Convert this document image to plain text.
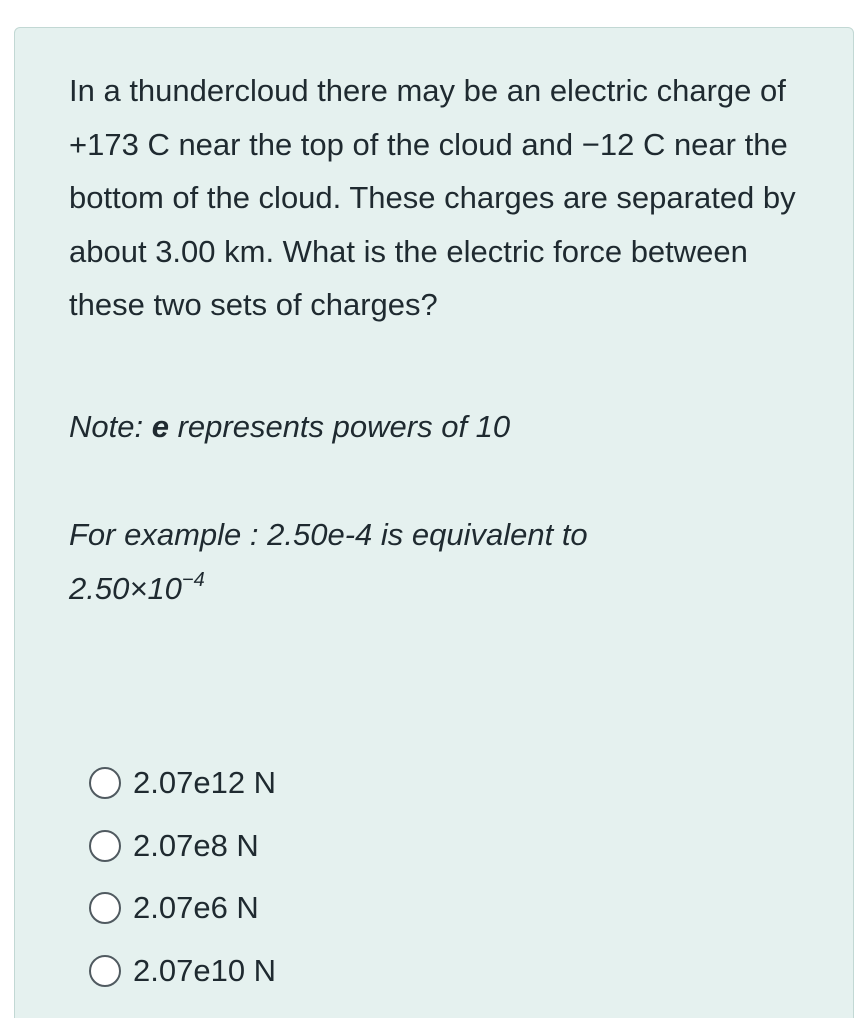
In a thundercloud there may be an electric charge of +173 C near the top of the cloud and −12 C near the bottom of the cloud. These charges are separated by about 3.00 km. What is the electric force between these two sets of charges?

Note: e represents powers of 10

For example : 2.50e-4 is equivalent to $2.50\times 10^{-4}$

2.07e12 N
2.07e8 N
2.07e6 N
2.07e10 N
